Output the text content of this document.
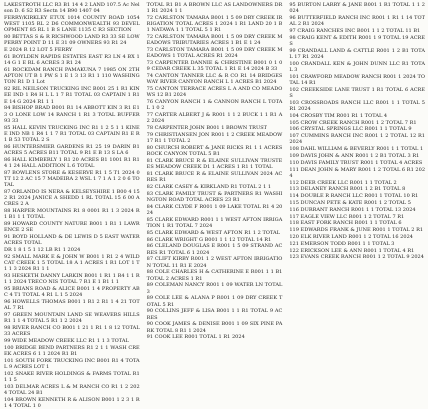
LAKESTROTH LLC R3 B1 14 4 2 LAND 107.5 Ac Nelson D. 6 S2 R3 Sectn 14 B90 1407 04

FERRY/KIRKLEY ETUX 1014 COUNTY ROAD 1054 WEST 1105 RL 2 D6 COMMONWEALTH 93 DEVELOPMENT 85 RL 1 B S LANE 1135 C R3 SECTION

80 BETTAS S & R RICHWOOD LAND R3 33 SE LOW PERRY POINT D 11 E 31 09 OWNERS 93 R1 24

E 2024 R 12 LOT 5 FERRY

61 BOYLDEN RAPIDS ESTATES EAST R3 LN 4 BX 1 14 G 1 E RL 6 ACRES 3 R1 24

61 ROCKDAM RANCH PAMAKUNA 7 1985 ON 2TH APTON UT B 1 PW S 1 E 1 3 13 R1 1 110 WASHINGTON R1 D 1 Lot

82 RIL NEILSON TRUCKING INC B001 25 1 R1 KINEE IND 1 R4 H L L 1 7 R1 TOTAL 03 CAPTAIN 1 R1 E 14 G 2024 R1 1 1

84 BISHOP BRAD B001 R1 14 ABBOTT KIN 3 R1 E13 O LONE LOW 14 RANCH 1 R1 3 TOTAL BUFFER 93 33

85 HALL KEVIN TRUCKING INC R1 1 2 5 1 1 KINEE IND NB 1 R4 1 1 7 R1 TOTAL 03 CAPTAIN R1 E R1 B 53 TOTAL 2 S

86 HUNTERSMIER GARDENS R1 25 19 DARIN B1 ACRES 5 ACRES B11 TOTAL 9 R1 E B 13 S LA 6

86 HALL KIMBERLY 1 R1 20 ACRES B1 1001 R1 R1 4 1 24 HALL ADDITION L 6 TOTAL

87 BOWLENS STORE & KESERVE R1 1 5 T1 2024 0 TT 12 2 AC 15 7 MADEIRA 2 WSL 1 7 1 A 1 2 0 6 TOTAL

87 ORLANDO IS NERA & KELSEYSHIRE 1 B00 4 15 2 R1 2024 JANICE A SHEDD 1 RL TOTAL 15 6 00 ACRES 2 A

88 HARPER MOUNTAINS R1 8 0001 R1 1 3 2024 R1 B1 1 1 TOTAL

89 HOWARD COUNTY NATURE B001 1 R1 1 LAWRENCE 2 SE

91 BOYD HOLLAND & DE LEWIS D 5 EAST WATER ACRES TOTAL

DR 1 8 1 5 1 12 LB R1 1 2024

92 SMALL MARK E & JOHN W B001 1 R1 2 4 WILDCAT CREEK 1 5 TOTAL 18 A 1 ACRES 1 R1 LOT 1 T1 1 3 2024 R1 1 1

93 HESKETH DANNY LARKIN B001 1 R1 1 R4 1 1 R1 1 2024 TRECO NIS TOTAL 7 R1 E 1 B1 1 1

95 BRIANS ROAD & ALICE B001 1 4 PROPERTY ABC 4 T1 TOTAL 4 R1 L 1 5 2024

96 HOWELLS THOMAS B001 1 R1 2 R1 1 4 21 TOTAL 7 R1

97 GREEN MOUNTAIN LAND SE WEAVERS HILLS R1 1 1 4 TOTAL 5 R1 1 2 2024

98 RIVER RANCH CO B001 1 21 1 R1 1 8 12 TOTAL 33 ACRES

99 WIDE MEADOW CREEK LLC R1 1 1 3 TOTAL

100 BRIDGE BEND PARTNERS R1 2 1 1 WASH CREEK ACRES 6 1 1 2024 R1 B1

101 SOUTH FORK TRUCKING INC B001 R1 4 TOTAL 9 ACRES LOT 1

102 SNAKE RIVER HOLDINGS & FARMS TOTAL R1 1 1 5

103 DELMAR ACRES L & M RANCH CO R1 1 2 2024 TOTAL 24 B1

104 BROWN KENNETH R & ALISON B001 1 2 3 1 R1 4 TOTAL 1 0

TOTAL R1 B1 A BROWN LLC AS LANDOWNERS DR 1 R1 2024 1 1

72 CARLSTON TAMARA B001 1 5 09 DRY CREEK IRRIGATION TOTAL ACRES 1 2024 1 R1 LAND 20 1 B1 NATAWA 1 1 TOTAL 5 1 R1

72 CARLSTON TAMARA B001 1 5 09 DRY CREEK MEADOWS TRIBUTARIES ACRES 1 B1 E 1 24

73 CARLSTON TAMARA B001 1 5 09 DRY CREEK MEADOWS 1 TOTAL ACRES R1 2024

73 CARPENTER DANNIE & CHRISTINE B001 0 1 09 CEDAR CREEK L 35 TOTAL 1 R1 E 14 2024 B 33

74 CANTON TANNER LLC & R CO R1 14 BRIDGES WAY RIVER CANYON RANCH L 1 ACRES B1 2024

75 CANTON TERRACE ACRES L A AND CO MEADOWS 12 B1 2024

76 CANYON RANCH 1 & CANNON RANCH L TOTAL 1 0 2

77 CARTER ALBERT J & R001 1 1 2 BUCK 1 1 R1 A 2 2024

78 CARPENTER JOHN B001 1 BROWN TRUST

79 CHRISTIANSEN JON R001 1 2 CREEK MEADOW 17 R1 1 TOTAL 2

80 CHURCH ROBERT & JANE RICKS R1 1 1 ACRES ROCK CANYON TOTAL 5 B1

81 CLARK BRUCE R & ELAINE SULLIVAN TRUSTEES MEADOW CREEK D1 1 ACRES 1 R1 1 TOTAL

81 CLARK BRUCE R & ELAINE SULLIVAN 2024 ACRES R1

82 CLARK CASEY & KIRKLAND R1 TOTAL 2 1 1

83 CLARK FAMILY TRUST & PARTNERS R1 WASHINGTON ROAD TOTAL ACRES 23 R1

84 CLARK CLYDE F R001 1 09 LAKE TOTAL R1 4 2024

85 CLARK EDWARD R001 1 1 WEST AFTON IRRIGATION 1 R1 TOTAL 7 2024

85 CLARK EDWARD & WEST AFTON R1 1 2 TOTAL

86 CLARK WRIGHT G B001 1 1 12 TOTAL 14 R1

86 CLELAND DOUGLAS E R001 1 5 09 STRAND ACRES R1 TOTAL 6 1 2024

87 CLIFT KIRBY R001 1 2 WEST AFTON IRRIGATION TOTAL 11 R1 E 2024

88 COLE CHARLES H & CATHERINE E R001 1 1 B1 TOTAL 2 ACRES 1 R1

89 COLEMAN NANCY R001 1 09 WATER LN TOTAL 3

89 COLE LEE & ALANA P R001 1 09 DRY CREEK TOTAL 5 R1

90 COLLINS JEFF & LISA B001 1 1 R1 TOTAL 9 ACRES

90 COOK JAMES & DENISE B001 1 09 SIX PINE PARK TOTAL 8 R1 1 2024

91 COOK LEE R001 TOTAL 1 R1 2024

95 BURTON LARRY & JANE B001 1 R1 TOTAL 1 1 2024

96 BUTTERFIELD RANCH INC R001 1 R1 1 14 TOTAL 2 R1 2024

97 CRAIG RANCHES INC B001 1 1 2 TOTAL 11 B1

98 CRAIG KENT & EDITH R001 1 9 TOTAL 19 ACRES

99 CRANDALL LAND & CATTLE R001 1 2 B1 TOTAL 17 R1 2024

100 CRANDALL KEN & JOHN DUNN LLC R1 TOTAL 3

101 CRAWFORD MEADOW RANCH R001 1 2024 TOTAL 14 R1

102 CREEKSIDE LANE TRUST 1 R1 TOTAL 6 ACRES

103 CROSSROADS RANCH LLC R001 1 1 TOTAL 5 R1 2024

104 CROSBY TIM R001 R1 1 TOTAL 4

105 CROW CREEK RANCH R001 1 2 TOTAL 7 R1

106 CRYSTAL SPRINGS LLC R001 1 1 TOTAL 9

107 CUMMINS RANCH INC R001 1 2 TOTAL 12 R1 2024

108 DAHL WILLIAM & BEVERLY R001 1 1 TOTAL 1

109 DAVIS JOHN & ANN R001 1 2 B1 TOTAL 3 R1

110 DAVIS FAMILY TRUST R001 1 TOTAL 4 ACRES

111 DEAN JOHN & MARY R001 1 2 TOTAL 6 R1 2024

112 DEER CREEK LLC R001 1 1 TOTAL 2

113 DELANEY RANCH R001 1 2 B1 TOTAL 8

114 DOUBLE R RANCH LLC R001 1 TOTAL 10 R1

115 DUNCAN PETE & KATE R001 1 2 TOTAL 5

116 DURRANT RANCH R001 1 1 TOTAL 13 2024

117 EAGLE VIEW LLC R001 1 2 TOTAL 7 R1

118 EAST FORK RANCH R001 1 1 TOTAL 6

119 EDWARDS FRANK & JUNE R001 1 TOTAL 2 R1

120 ELK RIVER LAND R001 1 2 TOTAL 16 2024

121 EMERSON TODD R001 1 1 TOTAL 3

122 ERICKSON LEE & ANN R001 1 TOTAL 4 R1

123 EVANS CREEK RANCH R001 1 2 TOTAL 9 2024
